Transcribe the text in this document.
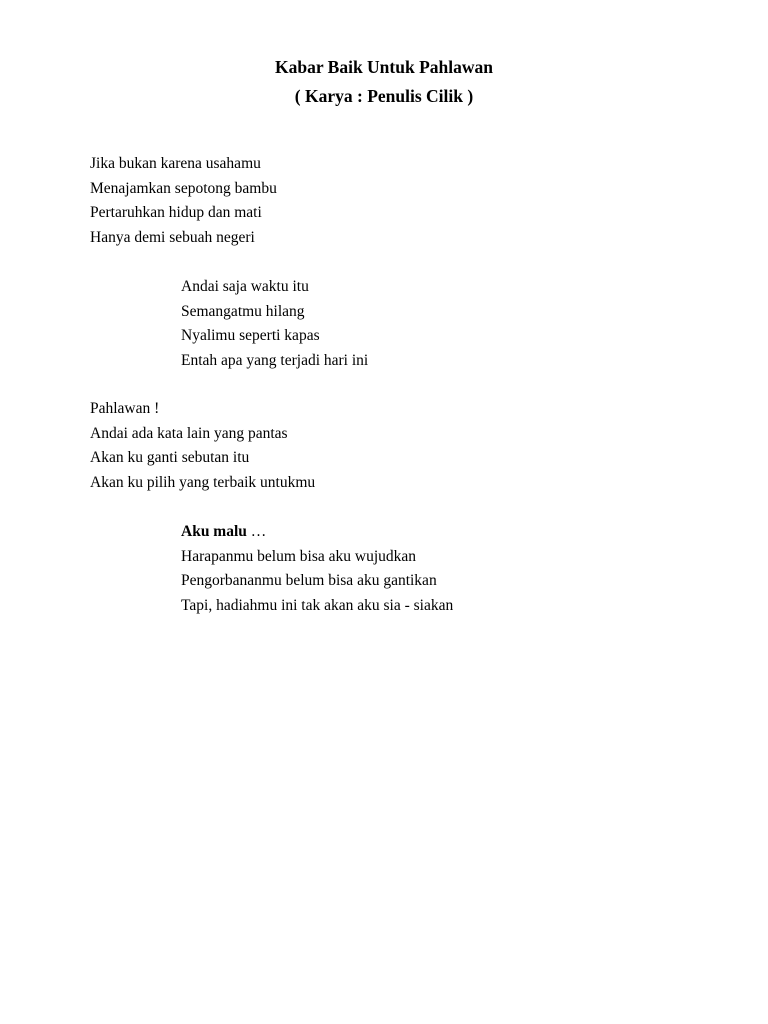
Kabar Baik Untuk Pahlawan
( Karya : Penulis Cilik )
Jika bukan karena usahamu
Menajamkan sepotong bambu
Pertaruhkan hidup dan mati
Hanya demi sebuah negeri
Andai saja waktu itu
Semangatmu hilang
Nyalimu seperti kapas
Entah apa yang terjadi hari ini
Pahlawan !
Andai ada kata lain yang pantas
Akan ku ganti sebutan itu
Akan ku pilih yang terbaik untukmu
Aku malu …
Harapanmu belum bisa aku wujudkan
Pengorbananmu belum bisa aku gantikan
Tapi, hadiahmu ini tak akan aku sia - siakan
